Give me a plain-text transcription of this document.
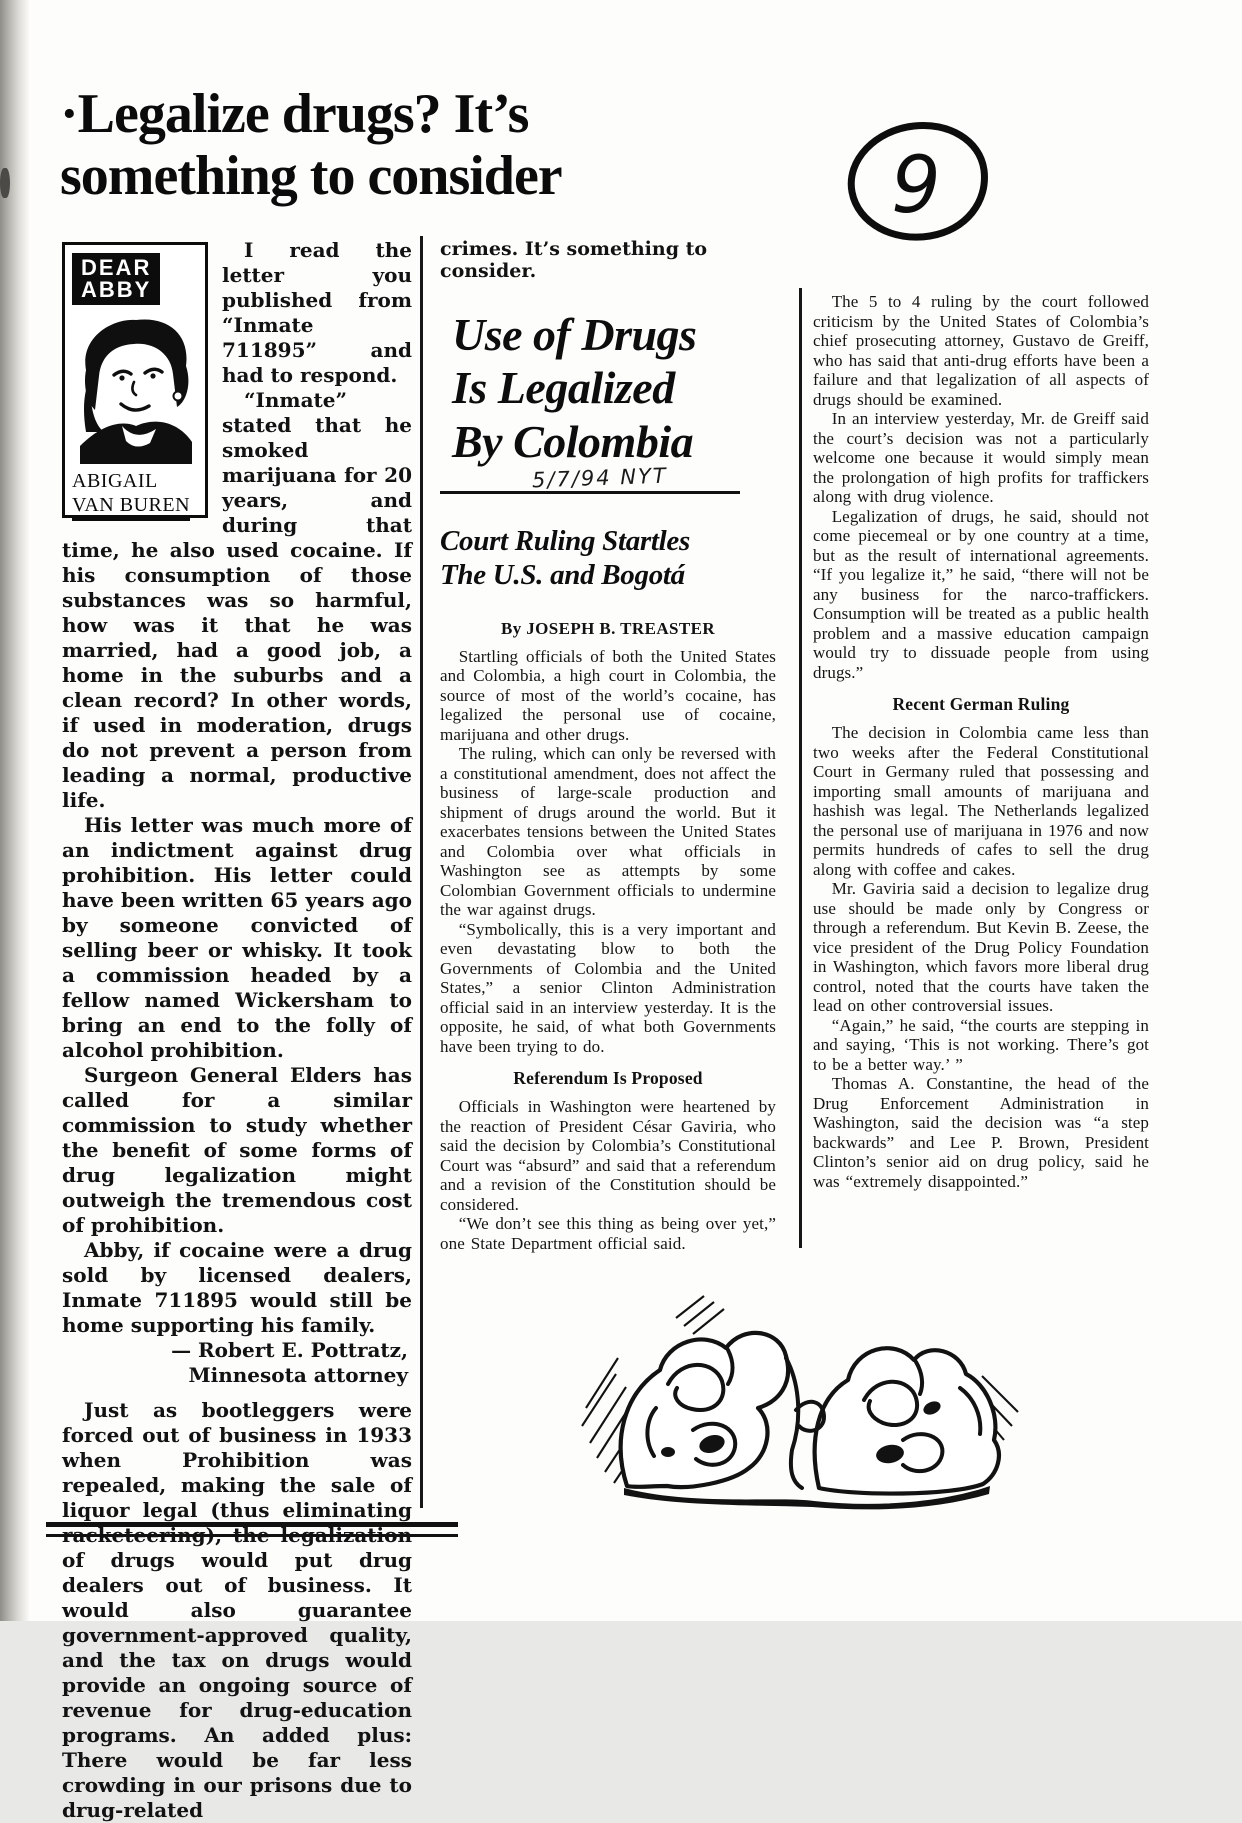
·Legalize drugs? It’s
something to consider	9
DEAR
ABBY
ABIGAIL
VAN BUREN

I read the letter you published from “Inmate 711895” and had to respond.

“Inmate” stated that he smoked marijuana for 20 years, and during that time, he also used cocaine. If his consumption of those substances was so harmful, how was it that he was married, had a good job, a home in the suburbs and a clean record? In other words, if used in moderation, drugs do not prevent a person from leading a normal, productive life.

His letter was much more of an indictment against drug prohibition. His letter could have been written 65 years ago by someone convicted of selling beer or whisky. It took a commission headed by a fellow named Wickersham to bring an end to the folly of alcohol prohibition.

Surgeon General Elders has called for a similar commission to study whether the benefit of some forms of drug legalization might outweigh the tremendous cost of prohibition.

Abby, if cocaine were a drug sold by licensed dealers, Inmate 711895 would still be home supporting his family.

— Robert E. Pottratz,
Minnesota attorney

Just as bootleggers were forced out of business in 1933 when Prohibition was repealed, making the sale of liquor legal (thus eliminating racketeering), the legalization of drugs would put drug dealers out of business. It would also guarantee government-approved quality, and the tax on drugs would provide an ongoing source of revenue for drug-education programs. An added plus: There would be far less crowding in our prisons due to drug-related

crimes. It’s something to consider.

Use of Drugs
Is Legalized
By Colombia
5/7/94 NYT
Court Ruling Startles
The U.S. and Bogotá
By JOSEPH B. TREASTER

Startling officials of both the United States and Colombia, a high court in Colombia, the source of most of the world’s cocaine, has legalized the personal use of cocaine, marijuana and other drugs.

The ruling, which can only be reversed with a constitutional amendment, does not affect the business of large-scale production and shipment of drugs around the world. But it exacerbates tensions between the United States and Colombia over what officials in Washington see as attempts by some Colombian Government officials to undermine the war against drugs.

“Symbolically, this is a very important and even devastating blow to both the Governments of Colombia and the United States,” a senior Clinton Administration official said in an interview yesterday. It is the opposite, he said, of what both Governments have been trying to do.

Referendum Is Proposed

Officials in Washington were heartened by the reaction of President César Gaviria, who said the decision by Colombia’s Constitutional Court was “absurd” and said that a referendum and a revision of the Constitution should be considered.

“We don’t see this thing as being over yet,” one State Department official said.

The 5 to 4 ruling by the court followed criticism by the United States of Colombia’s chief prosecuting attorney, Gustavo de Greiff, who has said that anti-drug efforts have been a failure and that legalization of all aspects of drugs should be examined.

In an interview yesterday, Mr. de Greiff said the court’s decision was not a particularly welcome one because it would simply mean the prolongation of high profits for traffickers along with drug violence.

Legalization of drugs, he said, should not come piecemeal or by one country at a time, but as the result of international agreements. “If you legalize it,” he said, “there will not be any business for the narco-traffickers. Consumption will be treated as a public health problem and a massive education campaign would try to dissuade people from using drugs.”

Recent German Ruling

The decision in Colombia came less than two weeks after the Federal Constitutional Court in Germany ruled that possessing and importing small amounts of marijuana and hashish was legal. The Netherlands legalized the personal use of marijuana in 1976 and now permits hundreds of cafes to sell the drug along with coffee and cakes.

Mr. Gaviria said a decision to legalize drug use should be made only by Congress or through a referendum. But Kevin B. Zeese, the vice president of the Drug Policy Foundation in Washington, which favors more liberal drug control, noted that the courts have taken the lead on other controversial issues.

“Again,” he said, “the courts are stepping in and saying, ‘This is not working. There’s got to be a better way.’ ”

Thomas A. Constantine, the head of the Drug Enforcement Administration in Washington, said the decision was “a step backwards” and Lee P. Brown, President Clinton’s senior aid on drug policy, said he was “extremely disappointed.”
